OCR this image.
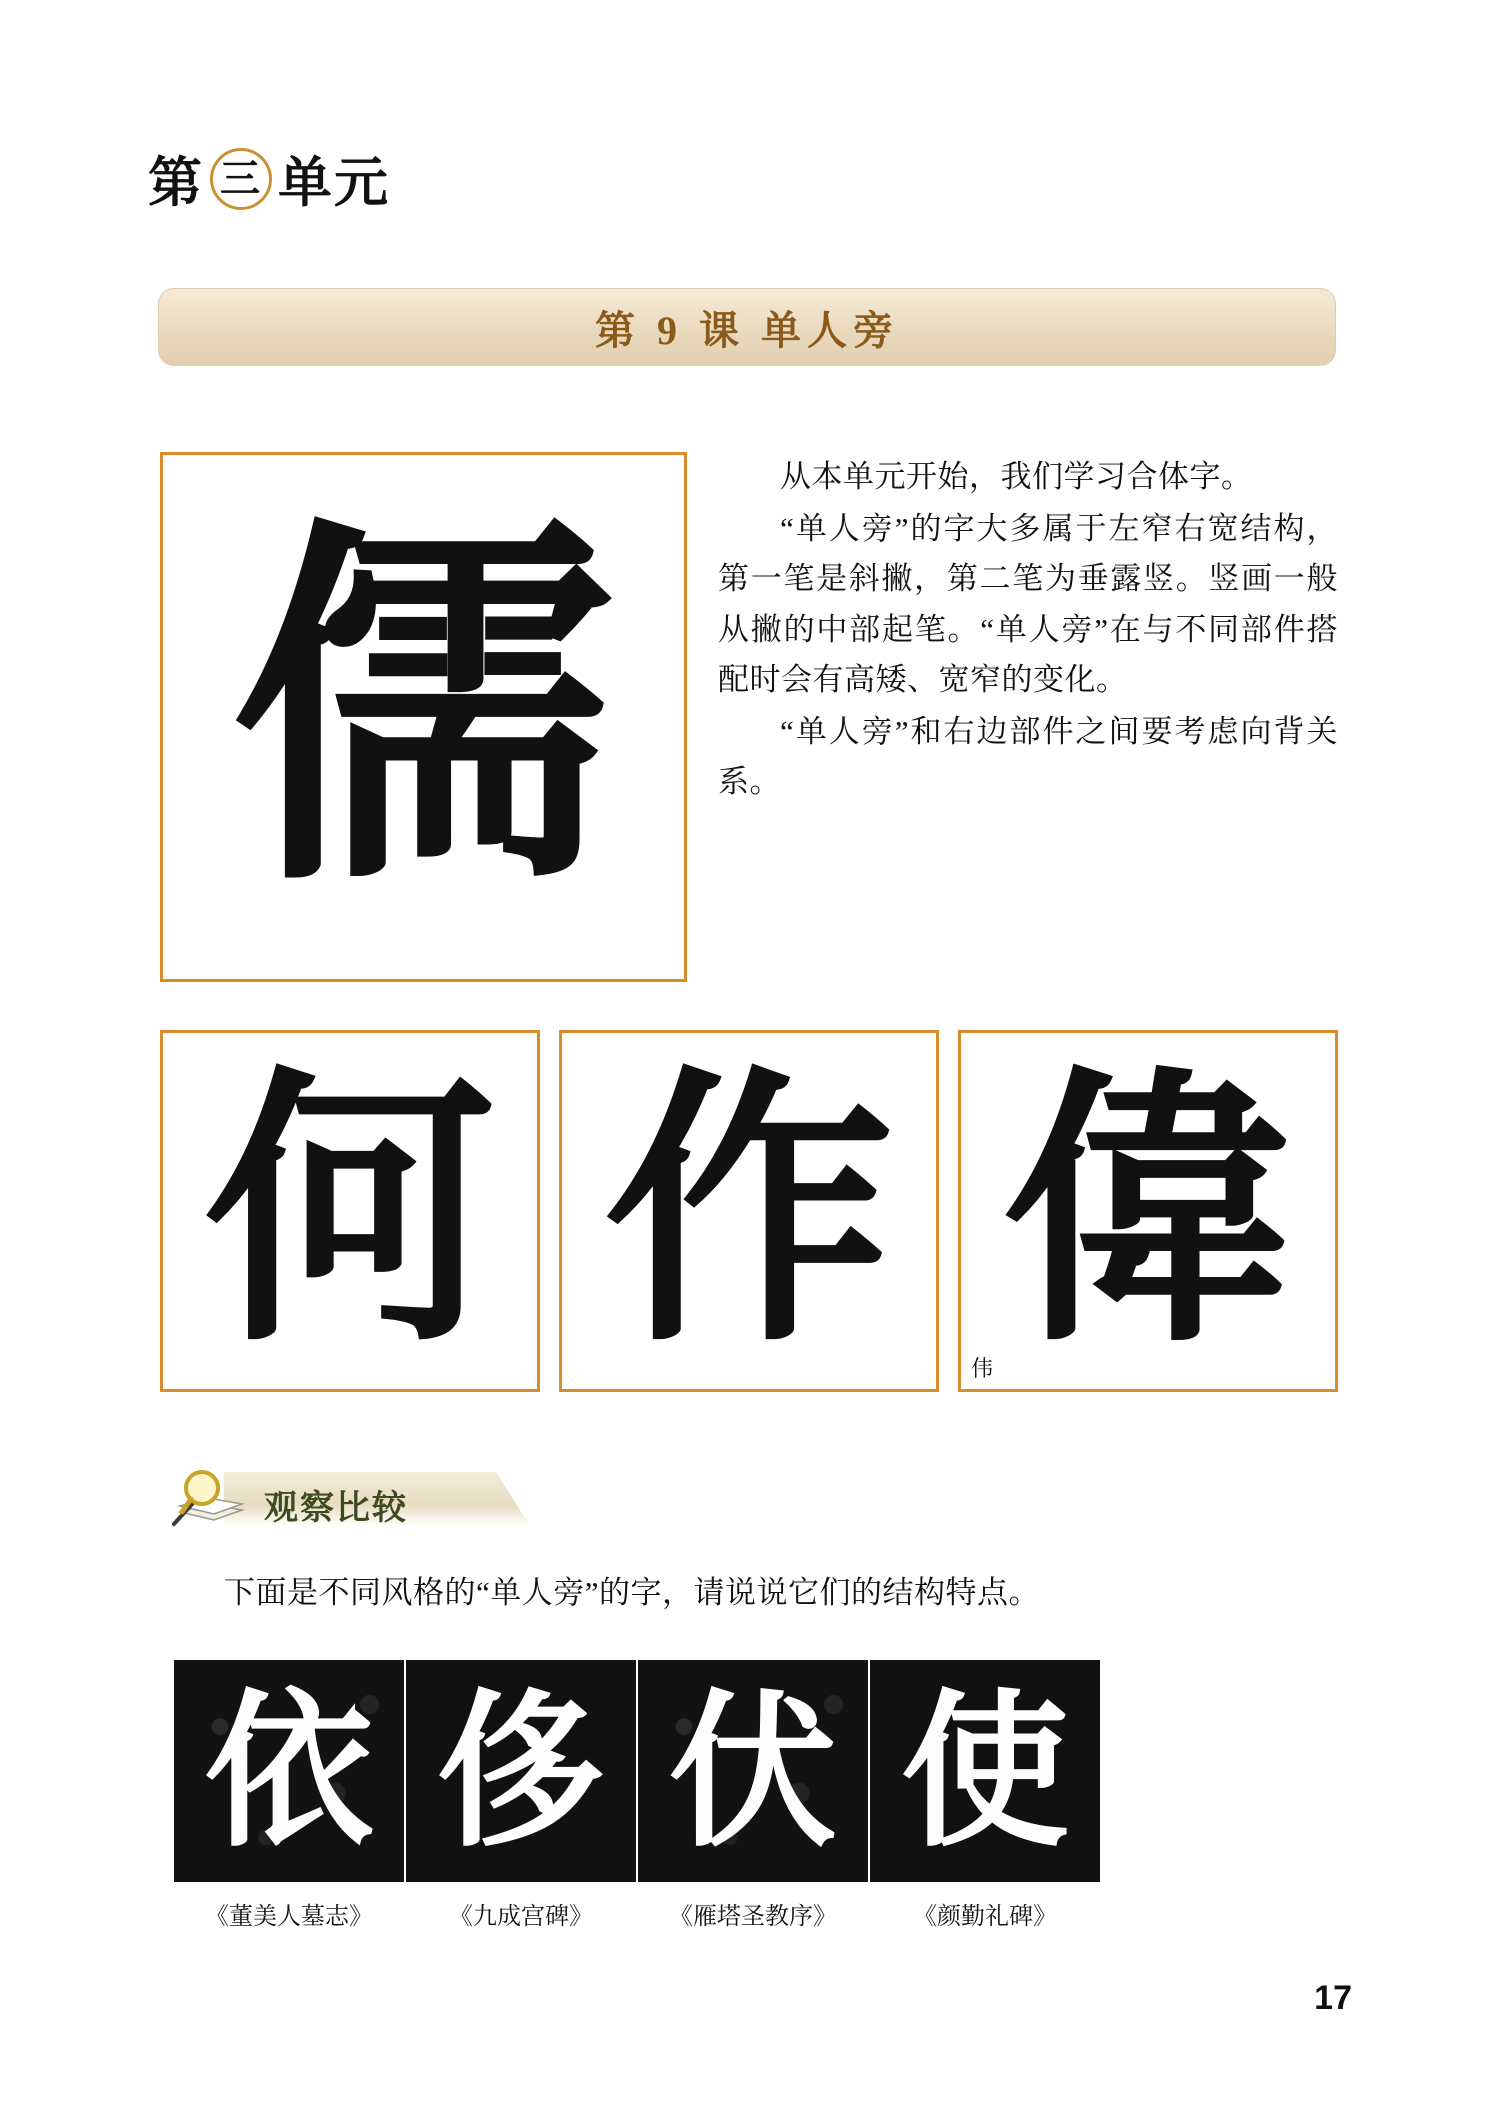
第 三 单元
第 9 课 单人旁
儒

从本单元开始，我们学习合体字。

“单人旁”的字大多属于左窄右宽结构，第一笔是斜撇，第二笔为垂露竖。竖画一般从撇的中部起笔。“单人旁”在与不同部件搭配时会有高矮、宽窄的变化。

“单人旁”和右边部件之间要考虑向背关系。

何 作 偉
伟
观察比较
下面是不同风格的“单人旁”的字，请说说它们的结构特点。
依
《董美人墓志》
侈
《九成宫碑》
伏
《雁塔圣教序》
使
《颜勤礼碑》
17
